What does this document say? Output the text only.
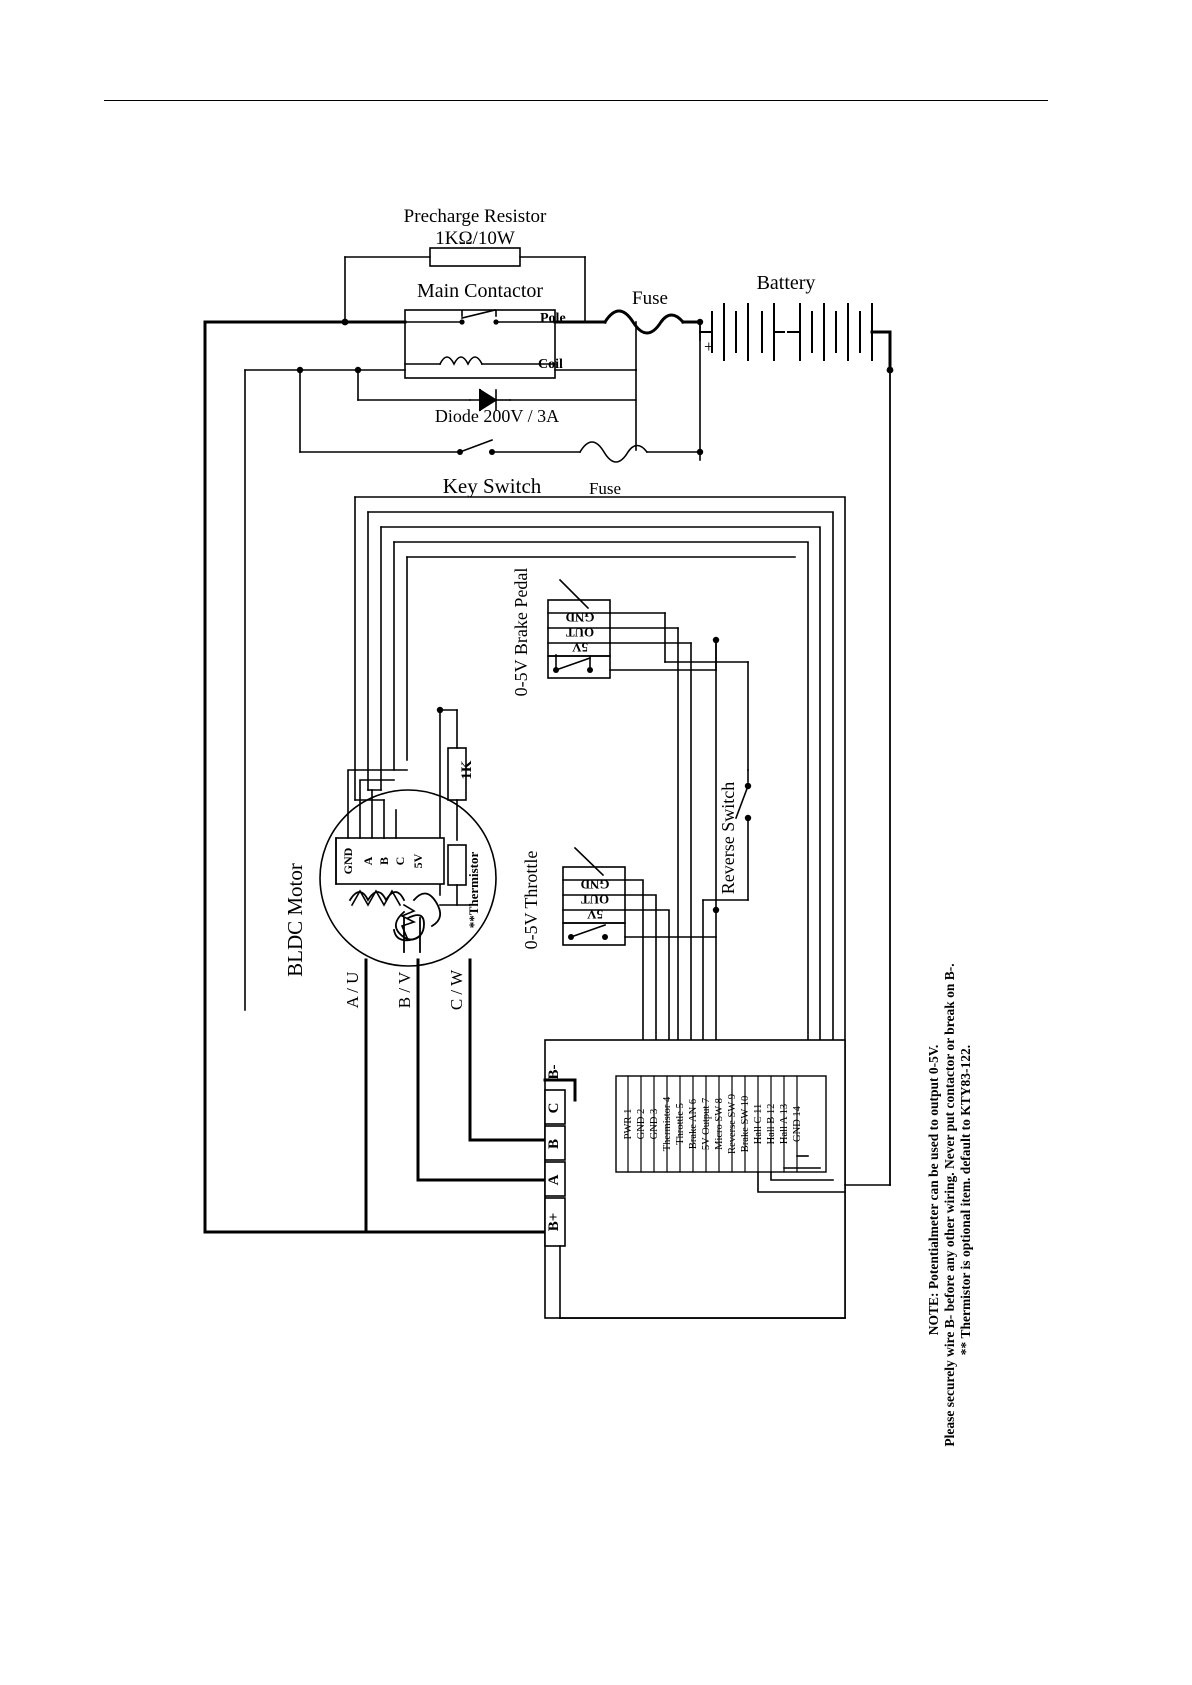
Precharge Resistor
1KΩ/10W
Main Contactor
Pole
Coil
Fuse
Battery
+
Diode 200V / 3A
Key Switch	Fuse
0-5V Brake Pedal	GND
OUT
5V
0-5V Throttle	GND
OUT
5V
Reverse Switch
1K
**Thermistor
BLDC Motor
GND A B C 5V
A / U B / V C / W
B+
A
B
C
B-
PWR 1 GND 2 GND 3 Thermistor 4 Throttle 5 Brake AN 6 5V Output 7 Micro SW 8 Reverse SW 9 Brake SW 10 Hall C 11 Hall B 12 Hall A 13 GND 14	NOTE: Potentialmeter can be used to output 0-5V. Please securely wire B- before any other wiring. Never put contactor or break on B-. ** Thermistor is optional item. default to KTY83-122.
